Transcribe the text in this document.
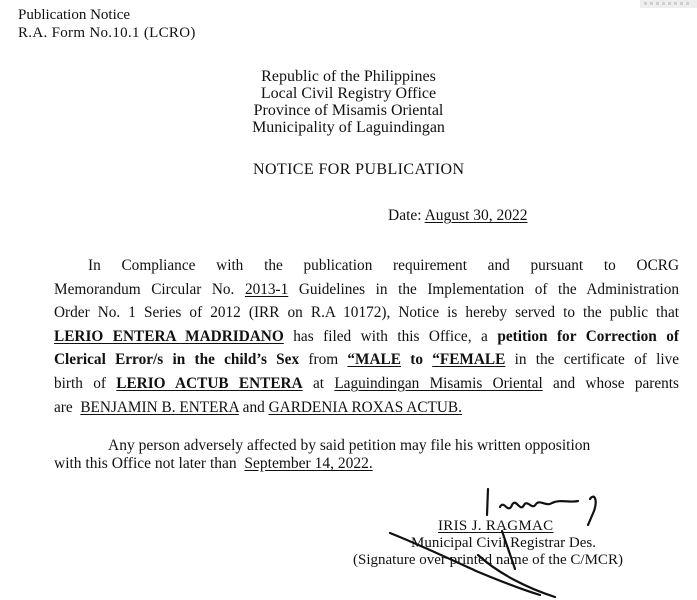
Publication Notice
R.A. Form No.10.1 (LCRO)
Republic of the Philippines
Local Civil Registry Office
Province of Misamis Oriental
Municipality of Laguindingan
NOTICE FOR PUBLICATION
Date: August 30, 2022
In Compliance with the publication requirement and pursuant to OCRG
Memorandum Circular No. 2013-1 Guidelines in the Implementation of the Administration
Order No. 1 Series of 2012 (IRR on R.A 10172), Notice is hereby served to the public that
LERIO ENTERA MADRIDANO has filed with this Office, a petition for Correction of
Clerical Error/s in the child’s Sex from “MALE to “FEMALE in the certificate of live
birth of LERIO ACTUB ENTERA at Laguindingan Misamis Oriental and whose parents
are BENJAMIN B. ENTERA and GARDENIA ROXAS ACTUB.
Any person adversely affected by said petition may file his written opposition
with this Office not later than September 14, 2022.
IRIS J. RAGMAC
Municipal Civil Registrar Des.
(Signature over printed name of the C/MCR)
